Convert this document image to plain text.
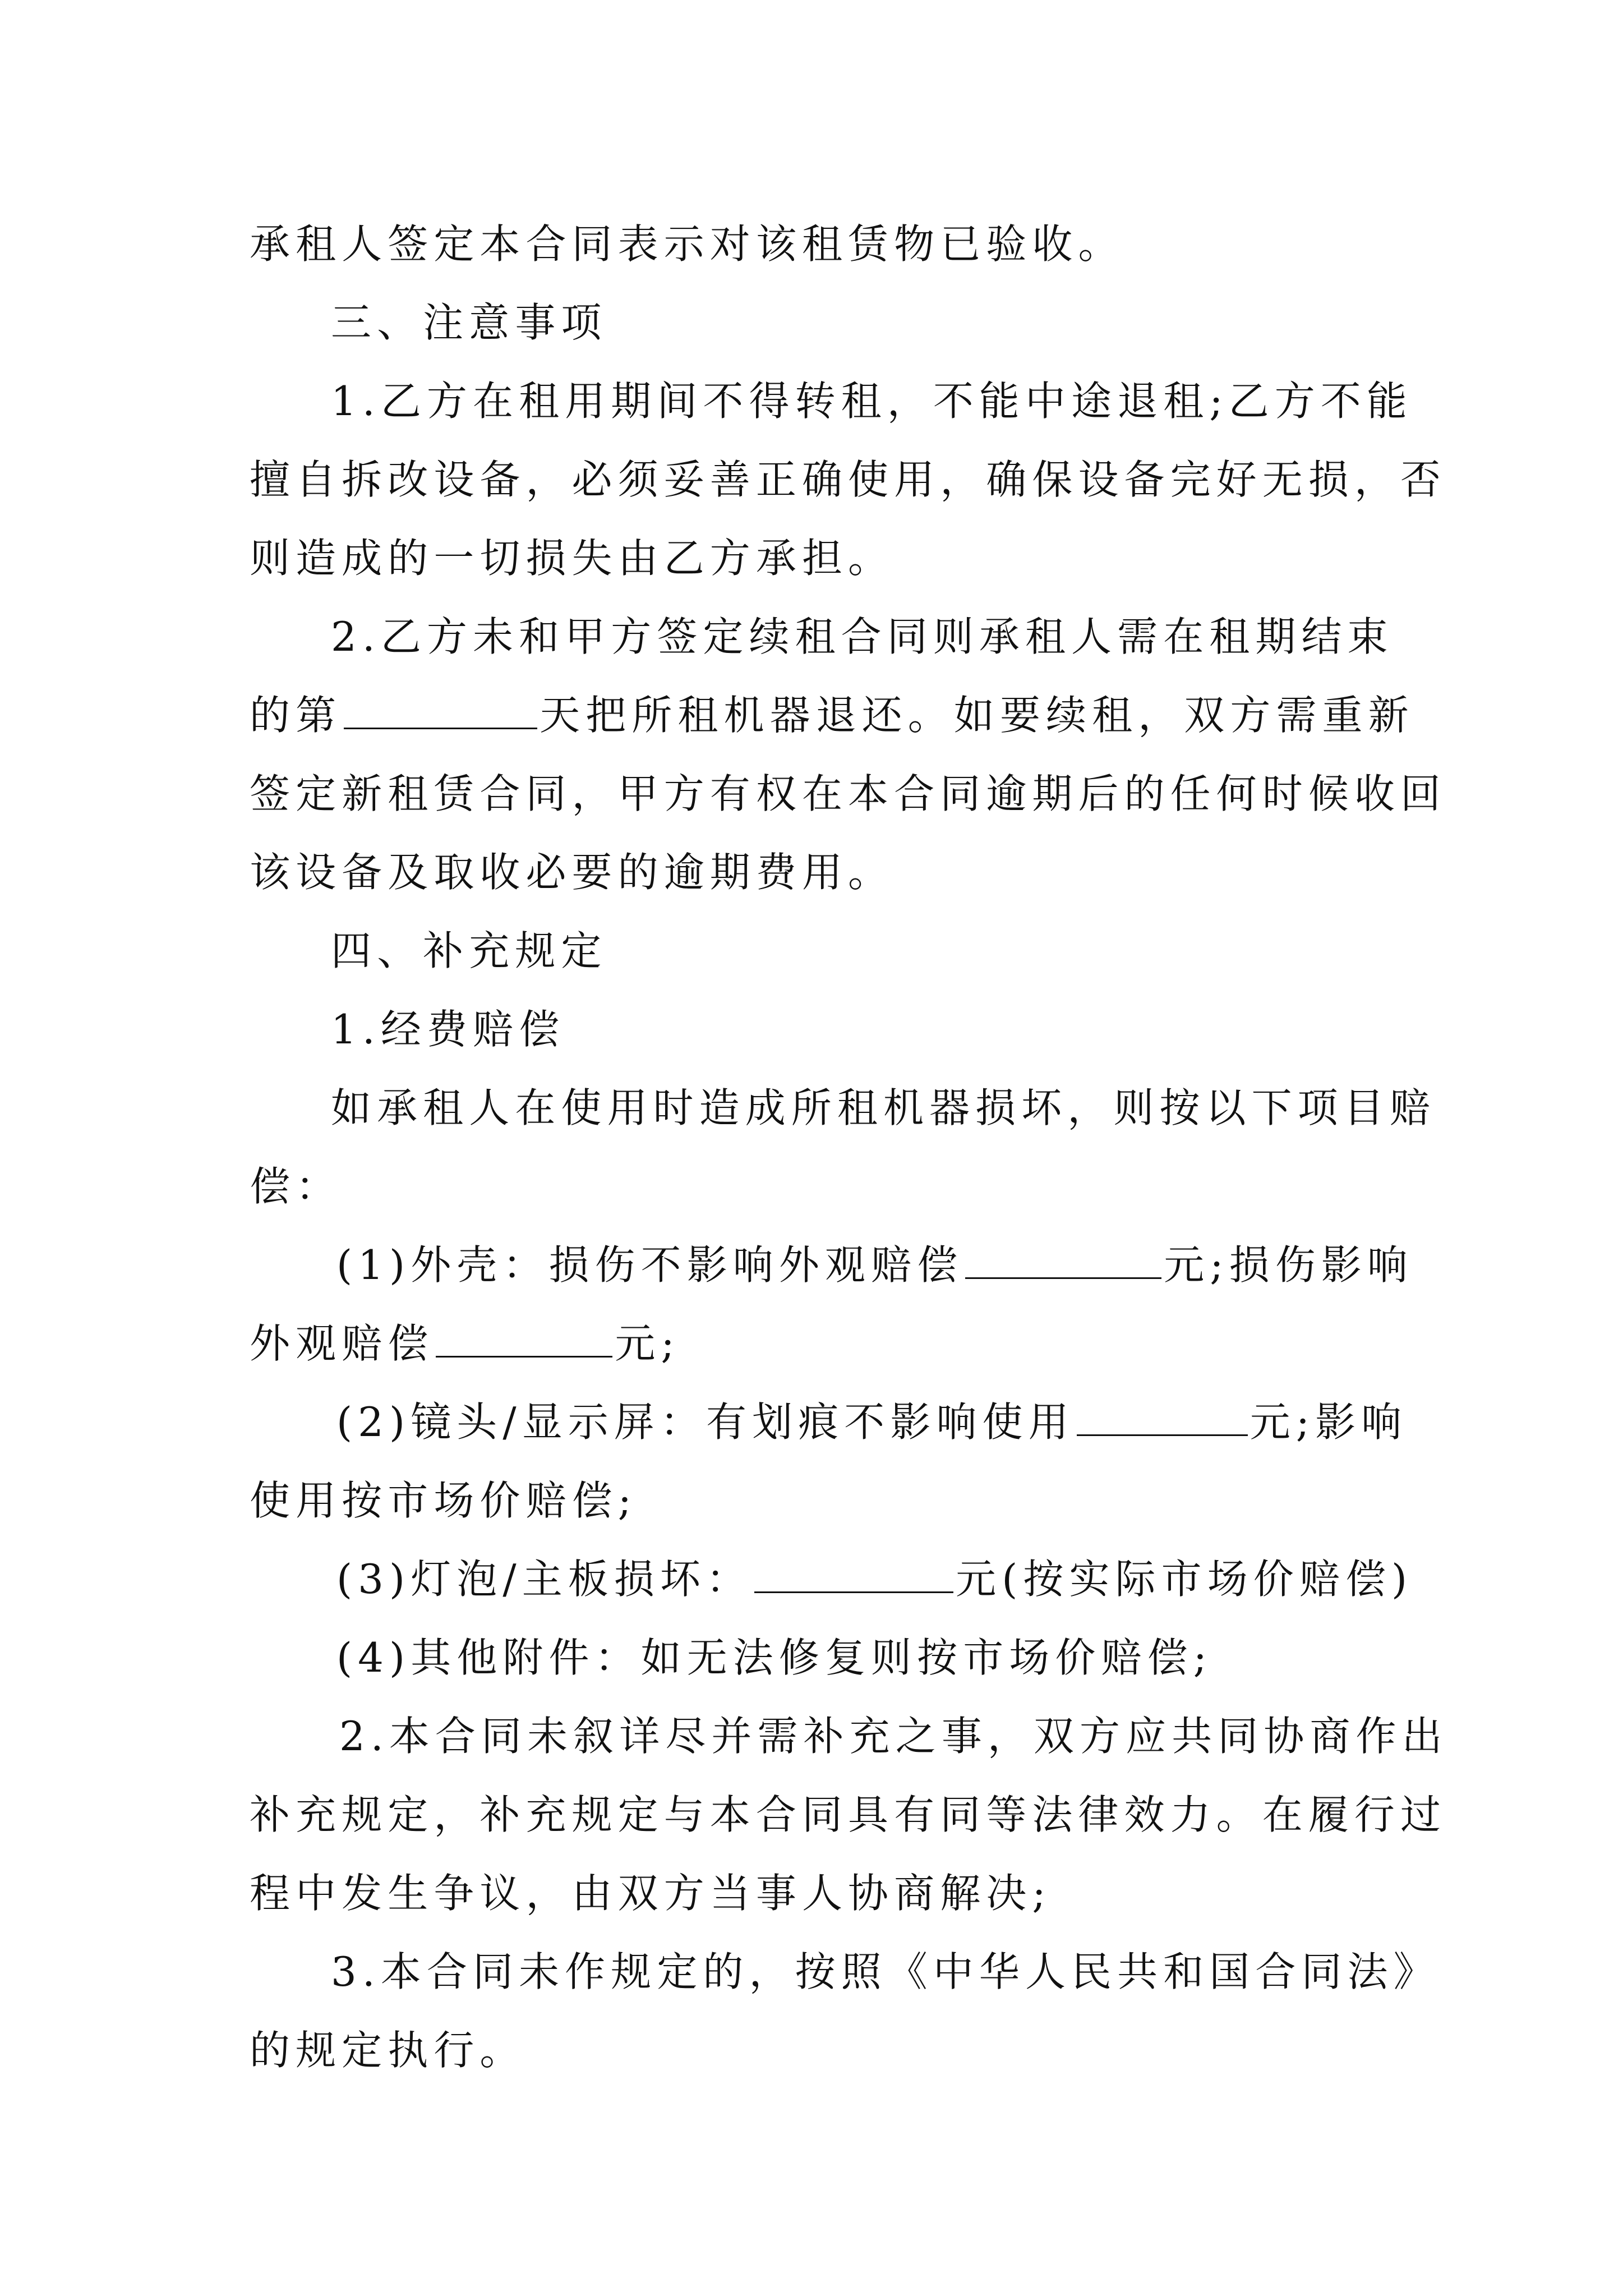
承租人签定本合同表示对该租赁物已验收。
三、注意事项
1.乙方在租用期间不得转租，不能中途退租;乙方不能
擅自拆改设备，必须妥善正确使用，确保设备完好无损，否
则造成的一切损失由乙方承担。
2.乙方未和甲方签定续租合同则承租人需在租期结束
的第	天把所租机器退还。如要续租，双方需重新
签定新租赁合同，甲方有权在本合同逾期后的任何时候收回
该设备及取收必要的逾期费用。
四、补充规定
1.经费赔偿
如承租人在使用时造成所租机器损坏，则按以下项目赔
偿：
(1)外壳：损伤不影响外观赔偿	元;损伤影响
外观赔偿	元;
(2)镜头/显示屏：有划痕不影响使用	元;影响
使用按市场价赔偿;
(3)灯泡/主板损坏：	元(按实际市场价赔偿)
(4)其他附件：如无法修复则按市场价赔偿;
2.本合同未叙详尽并需补充之事，双方应共同协商作出
补充规定，补充规定与本合同具有同等法律效力。在履行过
程中发生争议，由双方当事人协商解决;
3.本合同未作规定的，按照《中华人民共和国合同法》
的规定执行。
